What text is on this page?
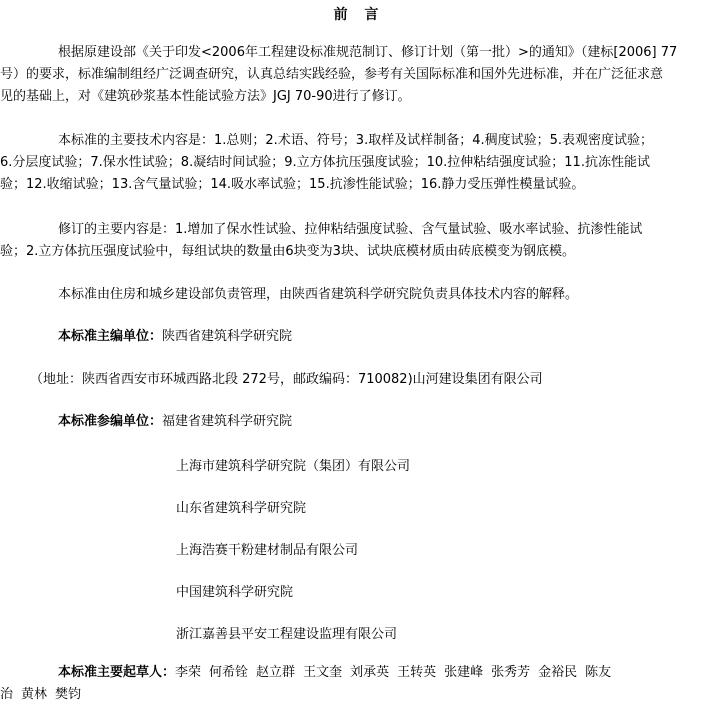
前 言
根据原建设部《关于印发<2006年工程建设标准规范制订、修订计划（第一批）>的通知》（建标[2006] 77
号）的要求，标准编制组经广泛调查研究，认真总结实践经验，参考有关国际标准和国外先进标准，并在广泛征求意
见的基础上，对《建筑砂浆基本性能试验方法》JGJ 70-90进行了修订。
本标准的主要技术内容是：1.总则；2.术语、符号；3.取样及试样制备；4.稠度试验；5.表观密度试验；
6.分层度试验；7.保水性试验；8.凝结时间试验；9.立方体抗压强度试验；10.拉伸粘结强度试验；11.抗冻性能试
验；12.收缩试验；13.含气量试验；14.吸水率试验；15.抗渗性能试验；16.静力受压弹性模量试验。
修订的主要内容是：1.增加了保水性试验、拉伸粘结强度试验、含气量试验、吸水率试验、抗渗性能试
验；2.立方体抗压强度试验中，每组试块的数量由6块变为3块、试块底模材质由砖底模变为钢底模。
本标准由住房和城乡建设部负责管理，由陕西省建筑科学研究院负责具体技术内容的解释。
本标准主编单位：陕西省建筑科学研究院
（地址：陕西省西安市环城西路北段 272号，邮政编码：710082)山河建设集团有限公司
本标准参编单位：福建省建筑科学研究院
上海市建筑科学研究院（集团）有限公司
山东省建筑科学研究院
上海浩赛干粉建材制品有限公司
中国建筑科学研究院
浙江嘉善县平安工程建设监理有限公司
本标准主要起草人：李荣 何希铨 赵立群 王文奎 刘承英 王转英 张建峰 张秀芳 金裕民 陈友
治 黄林 樊钧
